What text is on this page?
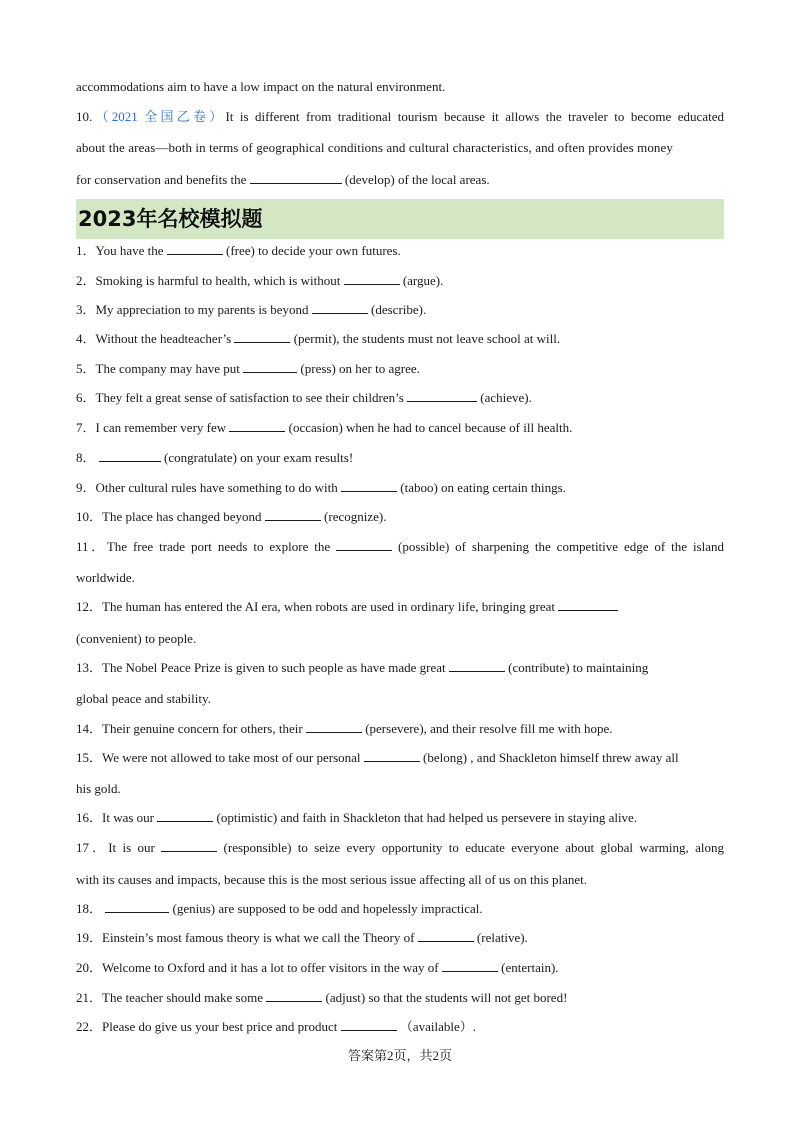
accommodations aim to have a low impact on the natural environment.
10.（2021 全国乙卷）It is different from traditional tourism because it allows the traveler to become educated
about the areas—both in terms of geographical conditions and cultural characteristics, and often provides money
for conservation and benefits the	(develop) of the local areas.
2023年名校模拟题
1．You have the	(free) to decide your own futures.
2．Smoking is harmful to health, which is without	(argue).
3．My appreciation to my parents is beyond	(describe).
4．Without the headteacher’s	(permit), the students must not leave school at will.
5．The company may have put	(press) on her to agree.
6．They felt a great sense of satisfaction to see their children’s	(achieve).
7．I can remember very few	(occasion) when he had to cancel because of ill health.
8．	(congratulate) on your exam results!
9．Other cultural rules have something to do with	(taboo) on eating certain things.
10．The place has changed beyond	(recognize).
11．The free trade port needs to explore the	(possible) of sharpening the competitive edge of the island
worldwide.
12．The human has entered the AI era, when robots are used in ordinary life, bringing great
(convenient) to people.
13．The Nobel Peace Prize is given to such people as have made great	(contribute) to maintaining
global peace and stability.
14．Their genuine concern for others, their	(persevere), and their resolve fill me with hope.
15．We were not allowed to take most of our personal	(belong) , and Shackleton himself threw away all
his gold.
16．It was our	(optimistic) and faith in Shackleton that had helped us persevere in staying alive.
17．It is our	(responsible) to seize every opportunity to educate everyone about global warming, along
with its causes and impacts, because this is the most serious issue affecting all of us on this planet.
18．	(genius) are supposed to be odd and hopelessly impractical.
19．Einstein’s most famous theory is what we call the Theory of	(relative).
20．Welcome to Oxford and it has a lot to offer visitors in the way of	(entertain).
21．The teacher should make some	(adjust) so that the students will not get bored!
22．Please do give us your best price and product	（available）.
答案第2页，共2页
